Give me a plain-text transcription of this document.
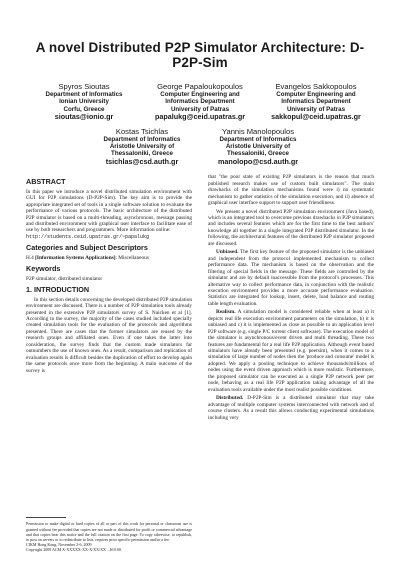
A novel Distributed P2P Simulator Architecture: D-P2P-Sim
Spyros Sioutas
Department of Informatics
Ionian University
Corfu, Greece
sioutas@ionio.gr
George Papaloukopoulos
Computer Engineering and
Informatics Department
University of Patras
papalukg@ceid.upatras.gr
Evangelos Sakkopoulos
Computer Engineering and
Informatics Department
University of Patras
sakkopul@ceid.upatras.gr
Kostas Tsichlas
Department of Informatics
Aristotle University of
Thessaloniki, Greece
tsichlas@csd.auth.gr
Yannis Manolopoulos
Department of Informatics
Aristotle University of
Thessaloniki, Greece
manolopo@csd.auth.gr
ABSTRACT

In this paper we introduce a novel distributed simulation environment with GUI for P2P simulations (D-P2P-Sim). The key aim is to provide the appropriate integrated set of tools in a single software solution to evaluate the performance of various protocols. The basic architecture of the distributed P2P simulator is based on a multi-threading, asynchronous, message passing and distributed environment with graphical user interface to facilitate ease of use by both researchers and programmers. More information online:
http://students.ceid.upatras.gr/~papalukg

Categories and Subject Descriptors

H.4 [Information Systems Applications]: Miscellaneous

Keywords

P2P simulator, distributed simulator

1. INTRODUCTION

In this section details concerning the developed distributed P2P simulation environment are discussed. There is a number of P2P simulation tools already presented in the extensive P2P simulators survey of S. Naicken et al [1]. According to the survey, the majority of the cases studied included specially created simulation tools for the evaluation of the protocols and algorithms presented. There are cases that the former simulators are reused by the research groups and affiliated ones. Even if one takes the latter into consideration, the survey finds that the custom made simulators far outnumbers the use of known ones. As a result, comparison and replication of evaluation results is difficult besides the duplication of effort to develop again the same protocols once more from the beginning. A main outcome of the survey is

that "the poor state of existing P2P simulators is the reason that much published research makes use of custom built simulators". The main drawbacks of the simulation mechanisms found were i) no systematic mechanism to gather statistics of the simulation execution, and ii) absence of graphical user interface support to support user friendliness.

We present a novel distributed P2P simulation environment (Java based), which is an integrated tool to overcome previous drawbacks in P2P simulators and includes several features which are for the first time to the best authors' knowledge all together in a single integrated P2P distributed simulator. In the following, the architectural features of the distributed P2P simulator proposed are discussed.

Unbiased. The first key feature of the proposed simulator is the unbiased and independent from the protocol implemented mechanism to collect performance data. The mechanism is based on the observation and the filtering of special fields in the message. These fields are controlled by the simulator and are by default inaccessible from the protocol's processes. This alternative way to collect performance data, in conjunction with the realistic execution environment provides a more accurate performance evaluation. Statistics are integrated for lookup, insert, delete, load balance and routing table length evaluation.

Realism. A simulation model is considered reliable when at least a) it depicts real life execution environment parameters on the simulation, b) it is unbiased and c) it is implemented as close as possible to an application level P2P software (e.g. single P/C torrent client software). The execution model of the simulator is asynchronous/event driven and multi threading. These two features are fundamental for a real life P2P application. Although event based simulators have already been presented (e.g. peersim), when it comes to a simulation of large number of nodes then the 'produce and consume' model is adopted. We apply a pooling technique to achieve thousands/millions of nodes using the event driven approach which is more realistic. Furthermore, the proposed simulator can be executed as a single P2P network peer per node, behaving as a real life P2P application taking advantage of all the evaluation tools available under the most realist possible conditions.

Distributed. D-P2P-Sim is a distributed simulator that may take advantage of multiple computer systems interconnected with network and of course clusters. As a result this allows conducting experimental simulations including very

Permission to make digital or hard copies of all or part of this work for personal or classroom use is granted without fee provided that copies are not made or distributed for profit or commercial advantage and that copies bear this notice and the full citation on the first page. To copy otherwise, to republish, to post on servers or to redistribute to lists, requires prior specific permission and/or a fee.
CIKM Hong Kong, November 2-6, 2009
Copyright 2009 ACM X-XXXXX-XX-X/XX/XX ...$10.00.
